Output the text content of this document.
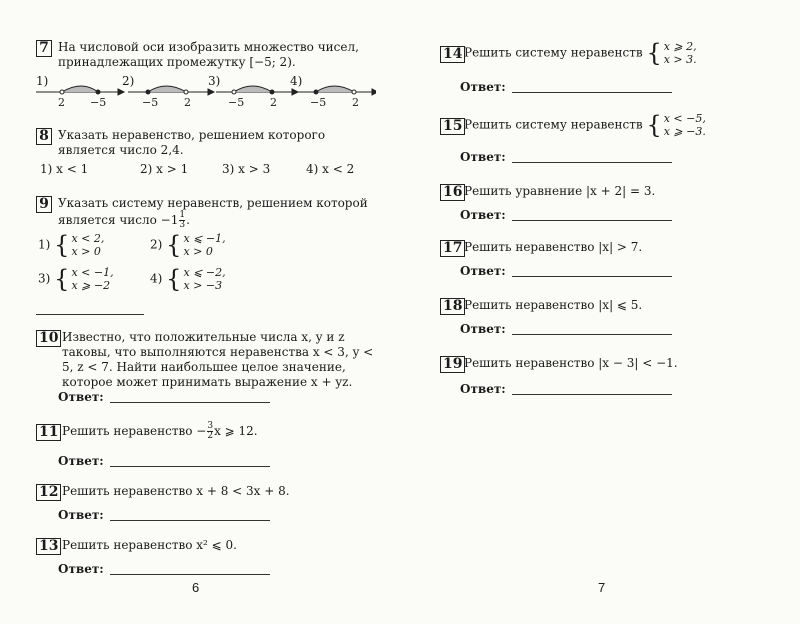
7 На числовой оси изобразить множество чисел, принадлежащих промежутку [−5; 2).
1)	2)	3)	4)
2 −5	−5 2	−5 2	−5 2
8 Указать неравенство, решением которого является число 2,4.
1) x < 1	2) x > 1	3) x > 3	4) x < 2
9 Указать систему неравенств, решением которой является число $-1 \frac{1}{3}$ .
1) { x < 2,
x > 0	2) { x ⩽ −1,
x > 0
3) { x < −1,
x ⩾ −2	4) { x ⩽ −2,
x > −3
10 Известно, что положительные числа x, y и z таковы, что выполняются неравенства x < 3, y < 5, z < 7. Найти наибольшее целое значение, которое может принимать выражение x + yz.
Ответ:
11 Решить неравенство − $\frac{3}{2}$ x ⩾ 12.
Ответ:
12 Решить неравенство x + 8 < 3x + 8.
Ответ:
13 Решить неравенство x² ⩽ 0.
Ответ:
6
14 Решить систему неравенств { x ⩾ 2,
x > 3.
Ответ:
15 Решить систему неравенств { x < −5,
x ⩾ −3.
Ответ:
16 Решить уравнение |x + 2| = 3.
Ответ:
17 Решить неравенство |x| > 7.
Ответ:
18 Решить неравенство |x| ⩽ 5.
Ответ:
19 Решить неравенство |x − 3| < −1.
Ответ:
7
